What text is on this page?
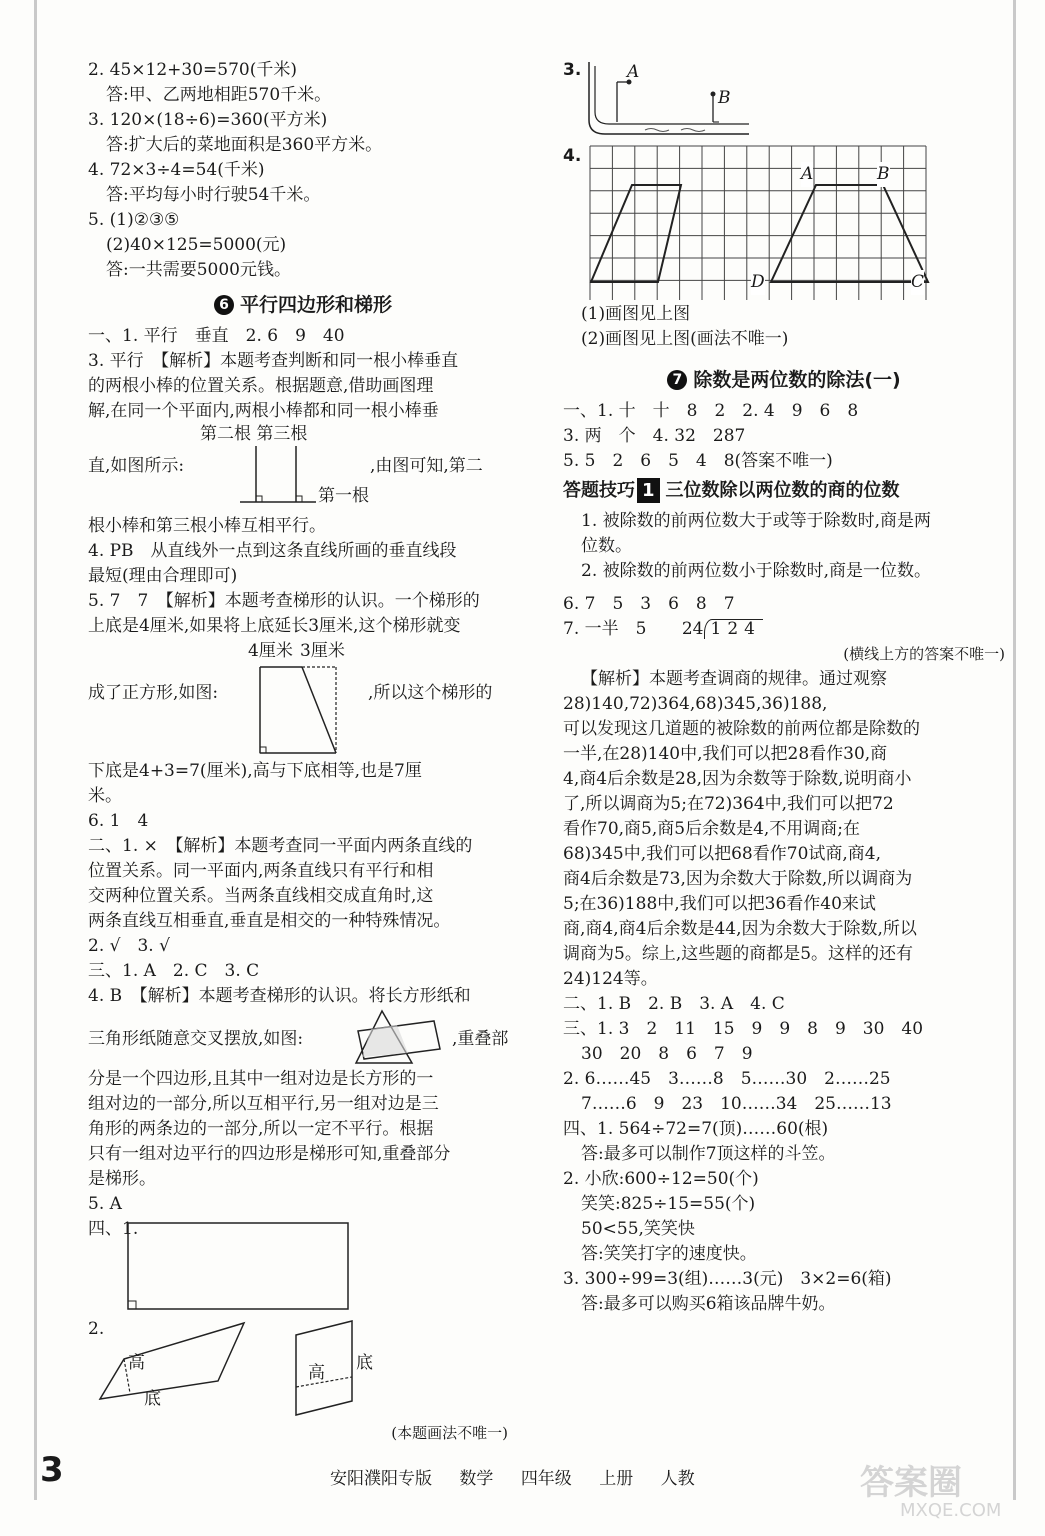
2. 45×12+30=570(千米)
答:甲、乙两地相距570千米。
3. 120×(18÷6)=360(平方米)
答:扩大后的菜地面积是360平方米。
4. 72×3÷4=54(千米)
答:平均每小时行驶54千米。
5. (1)②③⑤
(2)40×125=5000(元)
答:一共需要5000元钱。
6 平行四边形和梯形
一、1. 平行　垂直　2. 6　9　40
3. 平行　【解析】本题考查判断和同一根小棒垂直
的两根小棒的位置关系。根据题意,借助画图理
解,在同一个平面内,两根小棒都和同一根小棒垂
第二根 第三根
直,如图所示:
第一根
,由图可知,第二
根小棒和第三根小棒互相平行。
4. PB　从直线外一点到这条直线所画的垂直线段
最短(理由合理即可)
5. 7　7　【解析】本题考查梯形的认识。一个梯形的
上底是4厘米,如果将上底延长3厘米,这个梯形就变
4厘米 3厘米
成了正方形,如图:	,所以这个梯形的
下底是4+3=7(厘米),高与下底相等,也是7厘
米。
6. 1　4
二、1. ×　【解析】本题考查同一平面内两条直线的
位置关系。同一平面内,两条直线只有平行和相
交两种位置关系。当两条直线相交成直角时,这
两条直线互相垂直,垂直是相交的一种特殊情况。
2. √　3. √
三、1. A　2. C　3. C
4. B　【解析】本题考查梯形的认识。将长方形纸和
三角形纸随意交叉摆放,如图:	,重叠部
分是一个四边形,且其中一组对边是长方形的一
组对边的一部分,所以互相平行,另一组对边是三
角形的两条边的一部分,所以一定不平行。根据
只有一组对边平行的四边形是梯形可知,重叠部分
是梯形。
5. A
四、1.
2.
高
底
高 底
(本题画法不唯一)
3.	A
B
4.
A	B
C
D
(1)画图见上图
(2)画图见上图(画法不唯一)
7 除数是两位数的除法(一)
一、1. 十　十　8　2　2. 4　9　6　8
3. 两　个　4. 32　287
5. 5　2　6　5　4　8(答案不唯一)
答题技巧 1 三位数除以两位数的商的位数
1. 被除数的前两位数大于或等于除数时,商是两
位数。
2. 被除数的前两位数小于除数时,商是一位数。
6. 7　5　3　6　8　7
7. 一半　5 24 124
(横线上方的答案不唯一)
【解析】本题考查调商的规律。通过观察
28)140,72)364,68)345,36)188,
可以发现这几道题的被除数的前两位都是除数的
一半,在28)140中,我们可以把28看作30,商
4,商4后余数是28,因为余数等于除数,说明商小
了,所以调商为5;在72)364中,我们可以把72
看作70,商5,商5后余数是4,不用调商;在
68)345中,我们可以把68看作70试商,商4,
商4后余数是73,因为余数大于除数,所以调商为
5;在36)188中,我们可以把36看作40来试
商,商4,商4后余数是44,因为余数大于除数,所以
调商为5。综上,这些题的商都是5。这样的还有
24)124等。
二、1. B　2. B　3. A　4. C
三、1. 3　2　11　15　9　9　8　9　30　40
30　20　8　6　7　9
2. 6……45　3……8　5……30　2……25
7……6　9　23　10……34　25……13
四、1. 564÷72=7(顶)……60(根)
答:最多可以制作7顶这样的斗笠。
2. 小欣:600÷12=50(个)
笑笑:825÷15=55(个)
50<55,笑笑快
答:笑笑打字的速度快。
3. 300÷99=3(组)……3(元)　3×2=6(箱)
答:最多可以购买6箱该品牌牛奶。
3	安阳濮阳专版 数学 四年级 上册 人教	答案圈
MXQE.COM
